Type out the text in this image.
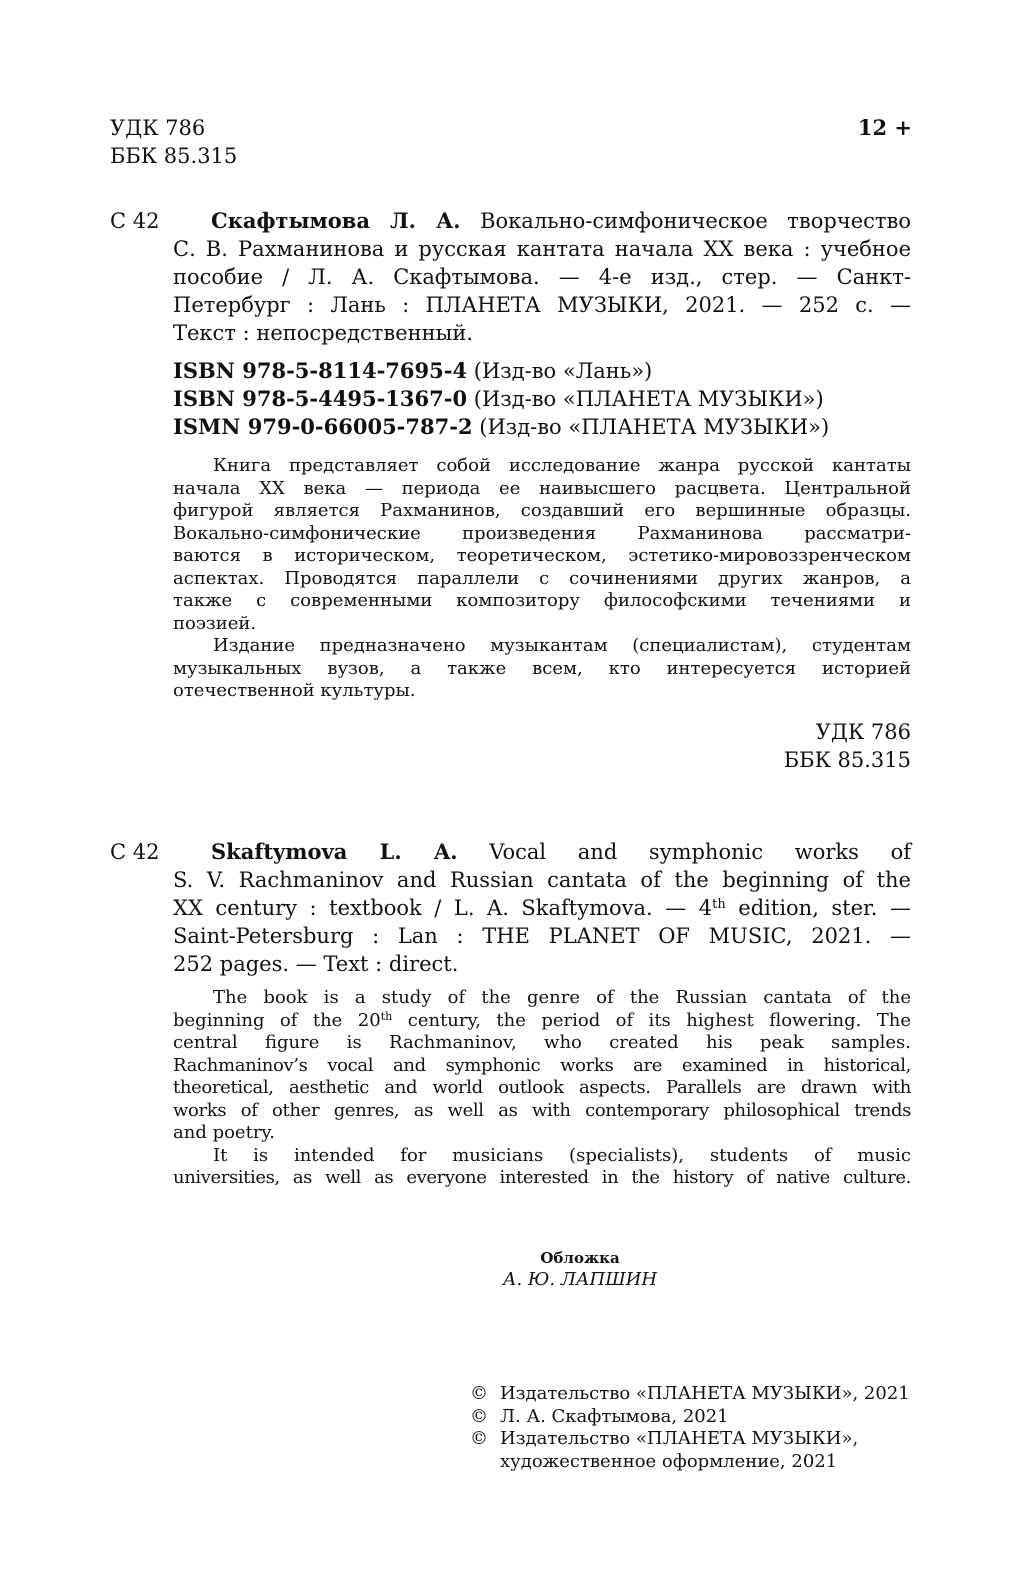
УДК 786
ББК 85.315
12 +
С 42	Скафтымова Л. А. Вокально-симфоническое творчество
С. В. Рахманинова и русская кантата начала XX века : учебное
пособие / Л. А. Скафтымова. — 4-е изд., стер. — Санкт-
Петербург : Лань : ПЛАНЕТА МУЗЫКИ, 2021. — 252 с. —
Текст : непосредственный.
ISBN 978-5-8114-7695-4 (Изд-во «Лань»)
ISBN 978-5-4495-1367-0 (Изд-во «ПЛАНЕТА МУЗЫКИ»)
ISMN 979-0-66005-787-2 (Изд-во «ПЛАНЕТА МУЗЫКИ»)
Книга представляет собой исследование жанра русской кантаты
начала XX века — периода ее наивысшего расцвета. Центральной
фигурой является Рахманинов, создавший его вершинные образцы.
Вокально-симфонические произведения Рахманинова рассматри-
ваются в историческом, теоретическом, эстетико-мировоззренческом
аспектах. Проводятся параллели с сочинениями других жанров, а
также с современными композитору философскими течениями и
поэзией.
Издание предназначено музыкантам (специалистам), студентам
музыкальных вузов, а также всем, кто интересуется историей
отечественной культуры.
УДК 786
ББК 85.315
С 42	Skaftymova L. A. Vocal and symphonic works of
S. V. Rachmaninov and Russian cantata of the beginning of the
XX century : textbook / L. A. Skaftymova. — 4th edition, ster. —
Saint-Petersburg : Lan : THE PLANET OF MUSIC, 2021. —
252 pages. — Text : direct.
The book is a study of the genre of the Russian cantata of the
beginning of the 20th century, the period of its highest flowering. The
central figure is Rachmaninov, who created his peak samples.
Rachmaninov’s vocal and symphonic works are examined in historical,
theoretical, aesthetic and world outlook aspects. Parallels are drawn with
works of other genres, as well as with contemporary philosophical trends
and poetry.
It is intended for musicians (specialists), students of music
universities, as well as everyone interested in the history of native culture.
Обложка
А. Ю. ЛАПШИН
© Издательство «ПЛАНЕТА МУЗЫКИ», 2021
© Л. А. Скафтымова, 2021
© Издательство «ПЛАНЕТА МУЗЫКИ»,
художественное оформление, 2021
